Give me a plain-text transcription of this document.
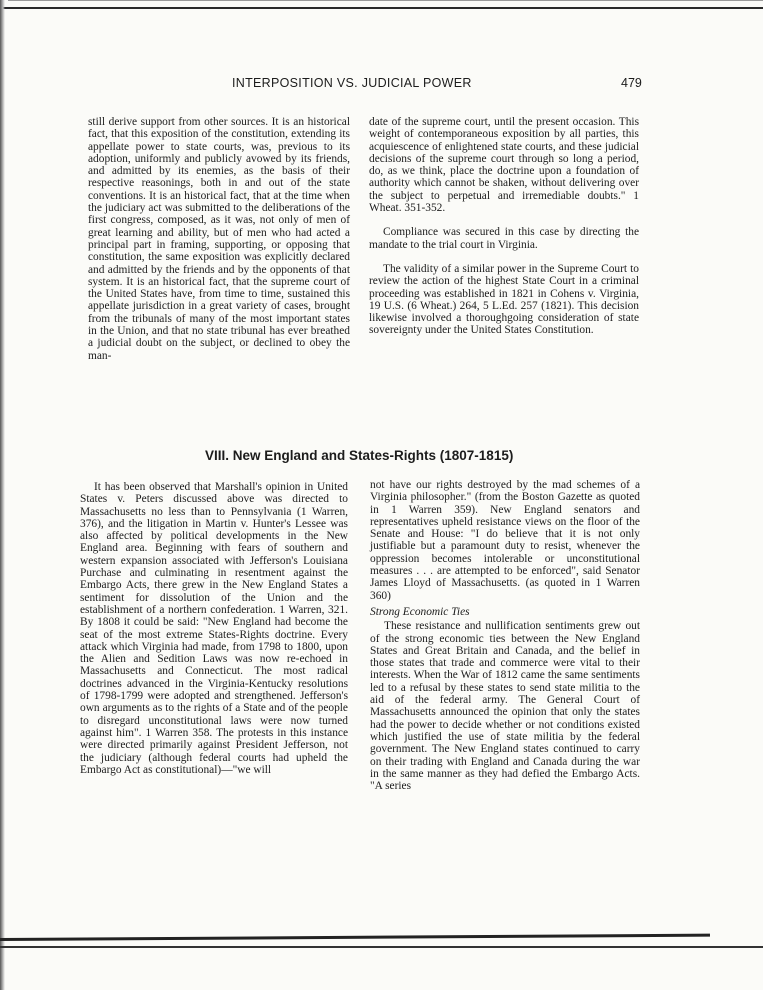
INTERPOSITION VS. JUDICIAL POWER	479

still derive support from other sources. It is an historical fact, that this exposition of the constitution, extending its appellate power to state courts, was, previous to its adoption, uniformly and publicly avowed by its friends, and admitted by its enemies, as the basis of their respective reasonings, both in and out of the state conventions. It is an historical fact, that at the time when the judiciary act was submitted to the deliberations of the first congress, composed, as it was, not only of men of great learning and ability, but of men who had acted a principal part in framing, supporting, or opposing that constitution, the same exposition was explicitly declared and admitted by the friends and by the opponents of that system. It is an historical fact, that the supreme court of the United States have, from time to time, sustained this appellate jurisdiction in a great variety of cases, brought from the tribunals of many of the most important states in the Union, and that no state tribunal has ever breathed a judicial doubt on the subject, or declined to obey the man-

date of the supreme court, until the present occasion. This weight of contemporaneous exposition by all parties, this acquiescence of enlightened state courts, and these judicial decisions of the supreme court through so long a period, do, as we think, place the doctrine upon a foundation of authority which cannot be shaken, without delivering over the subject to perpetual and irremediable doubts." 1 Wheat. 351-352.

Compliance was secured in this case by directing the mandate to the trial court in Virginia.

The validity of a similar power in the Supreme Court to review the action of the highest State Court in a criminal proceeding was established in 1821 in Cohens v. Virginia, 19 U.S. (6 Wheat.) 264, 5 L.Ed. 257 (1821). This decision likewise involved a thoroughgoing consideration of state sovereignty under the United States Constitution.

VIII. New England and States-Rights (1807-1815)

It has been observed that Marshall's opinion in United States v. Peters discussed above was directed to Massachusetts no less than to Pennsylvania (1 Warren, 376), and the litigation in Martin v. Hunter's Lessee was also affected by political developments in the New England area. Beginning with fears of southern and western expansion associated with Jefferson's Louisiana Purchase and culminating in resentment against the Embargo Acts, there grew in the New England States a sentiment for dissolution of the Union and the establishment of a northern confederation. 1 Warren, 321. By 1808 it could be said: "New England had become the seat of the most extreme States-Rights doctrine. Every attack which Virginia had made, from 1798 to 1800, upon the Alien and Sedition Laws was now re-echoed in Massachusetts and Connecticut. The most radical doctrines advanced in the Virginia-Kentucky resolutions of 1798-1799 were adopted and strengthened. Jefferson's own arguments as to the rights of a State and of the people to disregard unconstitutional laws were now turned against him". 1 Warren 358. The protests in this instance were directed primarily against President Jefferson, not the judiciary (although federal courts had upheld the Embargo Act as constitutional)—"we will

not have our rights destroyed by the mad schemes of a Virginia philosopher." (from the Boston Gazette as quoted in 1 Warren 359). New England senators and representatives upheld resistance views on the floor of the Senate and House: "I do believe that it is not only justifiable but a paramount duty to resist, whenever the oppression becomes intolerable or unconstitutional measures . . . are attempted to be enforced", said Senator James Lloyd of Massachusetts. (as quoted in 1 Warren 360)

Strong Economic Ties

These resistance and nullification sentiments grew out of the strong economic ties between the New England States and Great Britain and Canada, and the belief in those states that trade and commerce were vital to their interests. When the War of 1812 came the same sentiments led to a refusal by these states to send state militia to the aid of the federal army. The General Court of Massachusetts announced the opinion that only the states had the power to decide whether or not conditions existed which justified the use of state militia by the federal government. The New England states continued to carry on their trading with England and Canada during the war in the same manner as they had defied the Embargo Acts. "A series
